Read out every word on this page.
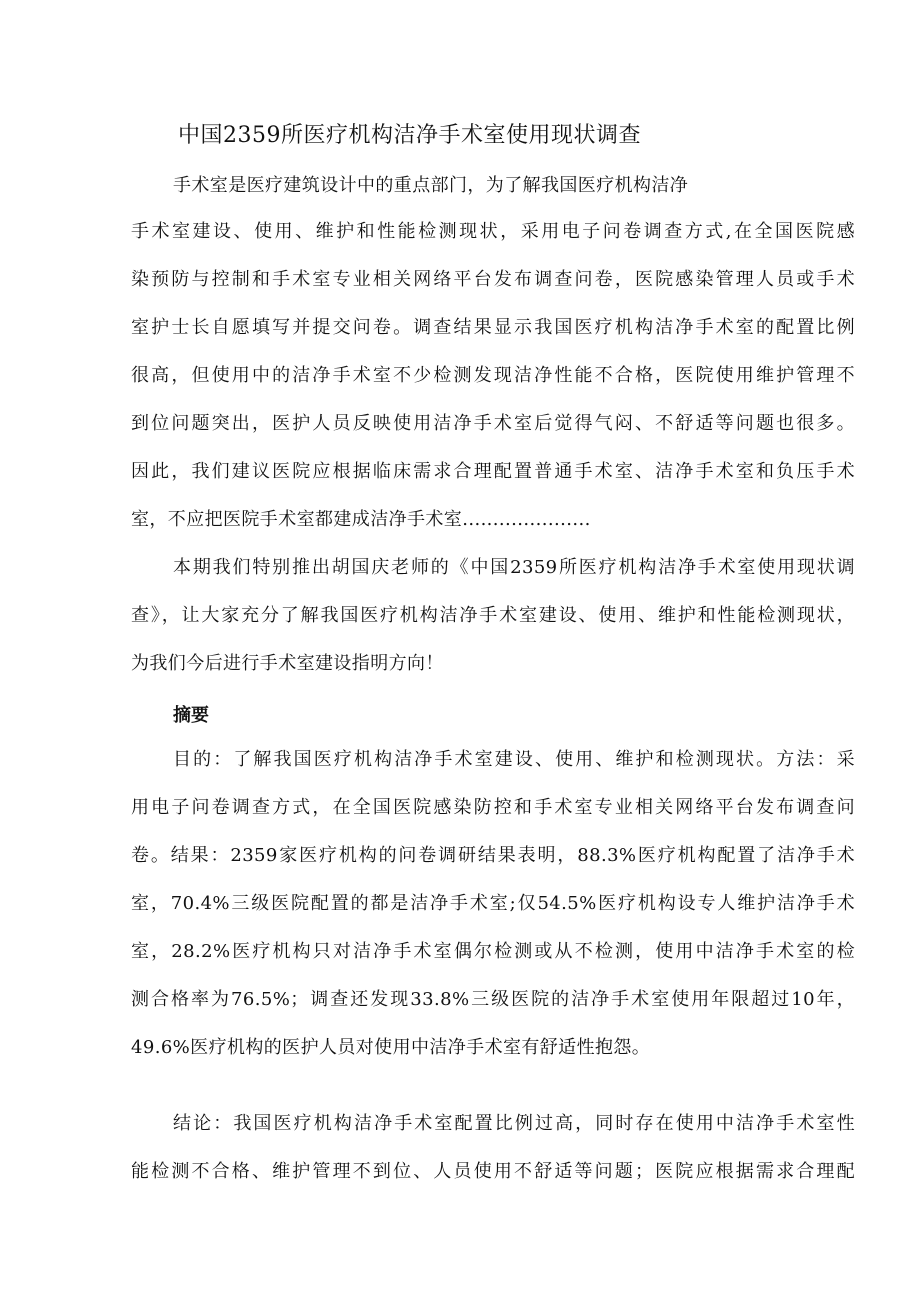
中国2359所医疗机构洁净手术室使用现状调查
手术室是医疗建筑设计中的重点部门，为了解我国医疗机构洁净
手术室建设、使用、维护和性能检测现状，采用电子问卷调查方式,在全国医院感
染预防与控制和手术室专业相关网络平台发布调查问卷，医院感染管理人员或手术
室护士长自愿填写并提交问卷。调查结果显示我国医疗机构洁净手术室的配置比例
很高，但使用中的洁净手术室不少检测发现洁净性能不合格，医院使用维护管理不
到位问题突出，医护人员反映使用洁净手术室后觉得气闷、不舒适等问题也很多。
因此，我们建议医院应根据临床需求合理配置普通手术室、洁净手术室和负压手术
室，不应把医院手术室都建成洁净手术室.....................
本期我们特别推出胡国庆老师的《中国2359所医疗机构洁净手术室使用现状调
查》，让大家充分了解我国医疗机构洁净手术室建设、使用、维护和性能检测现状，
为我们今后进行手术室建设指明方向！
摘要
目的：了解我国医疗机构洁净手术室建设、使用、维护和检测现状。方法：采
用电子问卷调查方式，在全国医院感染防控和手术室专业相关网络平台发布调查问
卷。结果：2359家医疗机构的问卷调研结果表明，88.3%医疗机构配置了洁净手术
室，70.4%三级医院配置的都是洁净手术室;仅54.5%医疗机构设专人维护洁净手术
室，28.2%医疗机构只对洁净手术室偶尔检测或从不检测，使用中洁净手术室的检
测合格率为76.5%；调查还发现33.8%三级医院的洁净手术室使用年限超过10年，
49.6%医疗机构的医护人员对使用中洁净手术室有舒适性抱怨。
结论：我国医疗机构洁净手术室配置比例过高，同时存在使用中洁净手术室性
能检测不合格、维护管理不到位、人员使用不舒适等问题；医院应根据需求合理配
